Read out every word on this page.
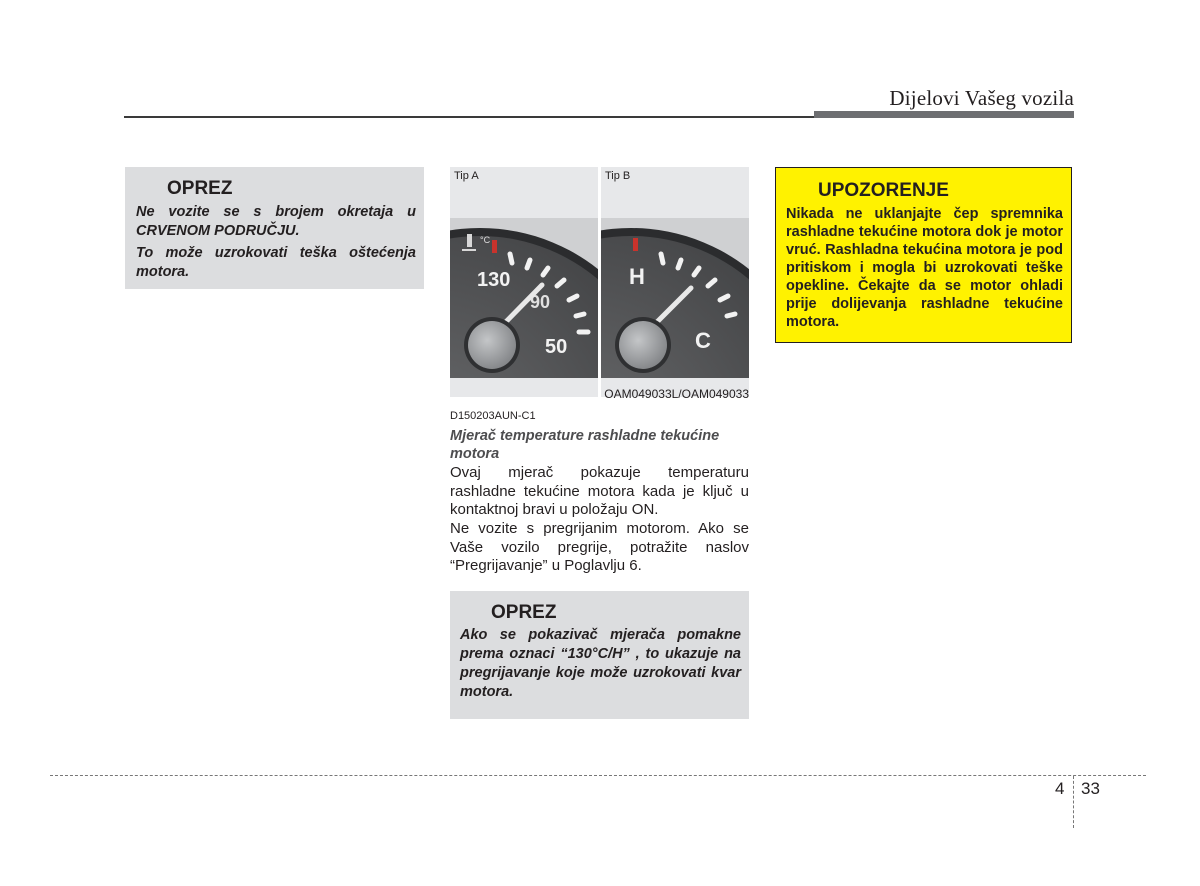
Dijelovi Vašeg vozila
OPREZ

Ne vozite se s brojem okretaja u CRVENOM PODRUČJU.

To može uzrokovati teška oštećenja motora.

Tip A
°C
130
90
50
Tip B
H
C
OAM049033L/OAM049033
D150203AUN-C1
Mjerač temperature rashladne tekućine motora

Ovaj mjerač pokazuje temperaturu rashladne tekućine motora kada je ključ u kontaktnoj bravi u položaju ON.

Ne vozite s pregrijanim motorom. Ako se Vaše vozilo pregrije, potražite naslov “Pregrijavanje” u Poglavlju 6.

OPREZ
Ako se pokazivač mjerača pomakne prema oznaci “130°C/H” , to ukazuje na pregrijavanje koje može uzrokovati kvar motora.
UPOZORENJE
Nikada ne uklanjajte čep spremnika rashladne tekućine motora dok je motor vruć. Rashladna tekućina motora je pod pritiskom i mogla bi uzrokovati teške opekline. Čekajte da se motor ohladi prije dolijevanja rashladne tekućine motora.
4 33
